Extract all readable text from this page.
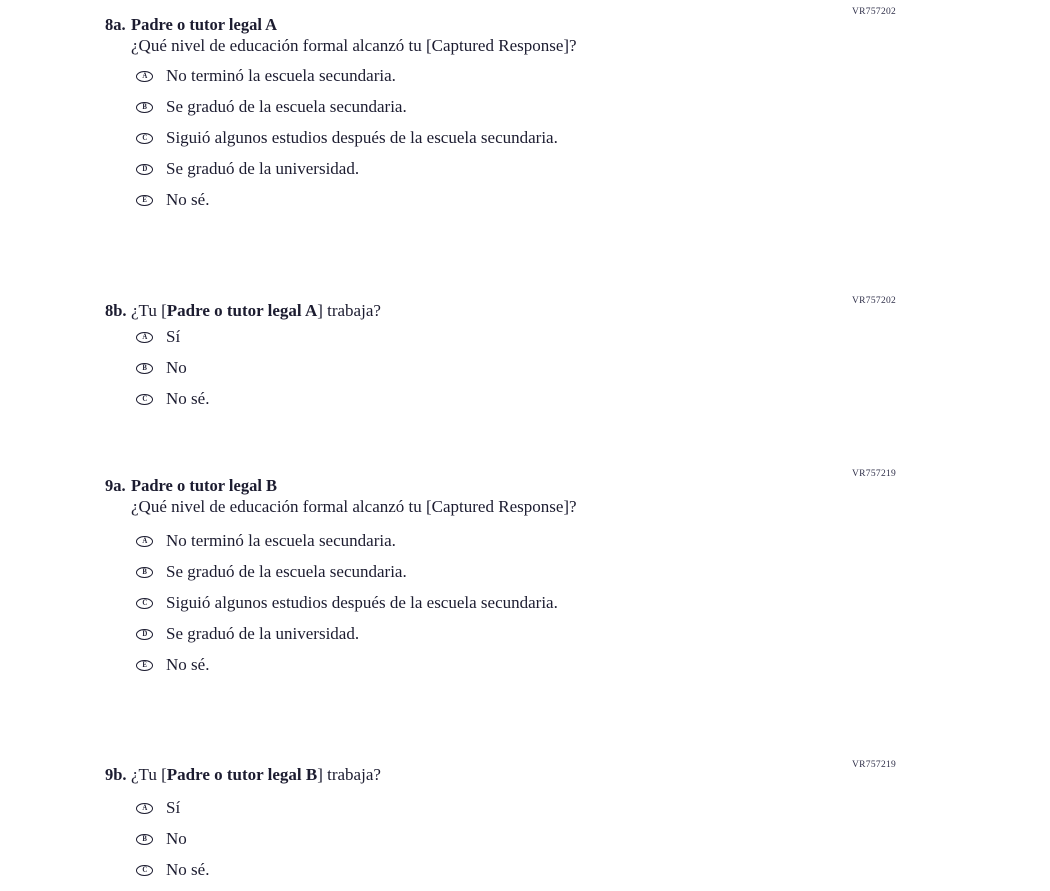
VR757202
8a. Padre o tutor legal A
¿Qué nivel de educación formal alcanzó tu [Captured Response]?
A No terminó la escuela secundaria.
B Se graduó de la escuela secundaria.
C Siguió algunos estudios después de la escuela secundaria.
D Se graduó de la universidad.
E No sé.
VR757202
8b. ¿Tu [Padre o tutor legal A] trabaja?
A Sí
B No
C No sé.
VR757219
9a. Padre o tutor legal B
¿Qué nivel de educación formal alcanzó tu [Captured Response]?
A No terminó la escuela secundaria.
B Se graduó de la escuela secundaria.
C Siguió algunos estudios después de la escuela secundaria.
D Se graduó de la universidad.
E No sé.
VR757219
9b. ¿Tu [Padre o tutor legal B] trabaja?
A Sí
B No
C No sé.
